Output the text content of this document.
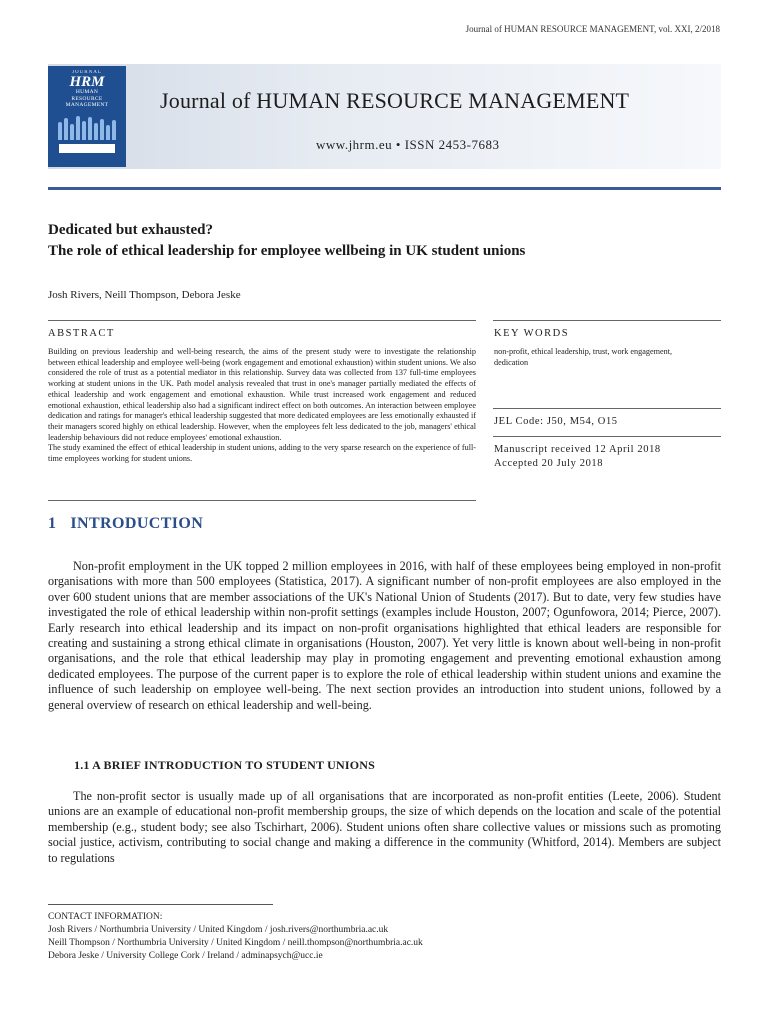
Journal of HUMAN RESOURCE MANAGEMENT, vol. XXI, 2/2018
JOURNAL
HRM
HUMAN
RESOURCE
MANAGEMENT	Journal of HUMAN RESOURCE MANAGEMENT
www.jhrm.eu • ISSN 2453-7683
Dedicated but exhausted?
The role of ethical leadership for employee wellbeing in UK student unions
Josh Rivers, Neill Thompson, Debora Jeske
ABSTRACT
Building on previous leadership and well-being research, the aims of the present study were to investigate the relationship between ethical leadership and employee well-being (work engagement and emotional exhaustion) within student unions. We also considered the role of trust as a potential mediator in this relationship. Survey data was collected from 137 full-time employees working at student unions in the UK. Path model analysis revealed that trust in one's manager partially mediated the effects of ethical leadership and work engagement and emotional exhaustion. While trust increased work engagement and reduced emotional exhaustion, ethical leadership also had a significant indirect effect on both outcomes. An interaction between employee dedication and ratings for manager's ethical leadership suggested that more dedicated employees are less emotionally exhausted if their managers scored highly on ethical leadership. However, when the employees felt less dedicated to the job, managers' ethical leadership behaviours did not reduce employees' emotional exhaustion.
The study examined the effect of ethical leadership in student unions, adding to the very sparse research on the experience of full-time employees working for student unions.
KEY WORDS
non-profit, ethical leadership, trust, work engagement, dedication
JEL Code: J50, M54, O15
Manuscript received 12 April 2018
Accepted 20 July 2018
1 INTRODUCTION

Non-profit employment in the UK topped 2 million employees in 2016, with half of these employees being employed in non-profit organisations with more than 500 employees (Statistica, 2017). A significant number of non-profit employees are also employed in the over 600 student unions that are member associations of the UK's National Union of Students (2017). But to date, very few studies have investigated the role of ethical leadership within non-profit settings (examples include Houston, 2007; Ogunfowora, 2014; Pierce, 2007). Early research into ethical leadership and its impact on non-profit organisations highlighted that ethical leaders are responsible for creating and sustaining a strong ethical climate in organisations (Houston, 2007). Yet very little is known about well-being in non-profit organisations, and the role that ethical leadership may play in promoting engagement and preventing emotional exhaustion among dedicated employees. The purpose of the current paper is to explore the role of ethical leadership within student unions and examine the influence of such leadership on employee well-being. The next section provides an introduction into student unions, followed by a general overview of research on ethical leadership and well-being.

1.1 A BRIEF INTRODUCTION TO STUDENT UNIONS

The non-profit sector is usually made up of all organisations that are incorporated as non-profit entities (Leete, 2006). Student unions are an example of educational non-profit membership groups, the size of which depends on the location and scale of the potential membership (e.g., student body; see also Tschirhart, 2006). Student unions often share collective values or missions such as promoting social justice, activism, contributing to social change and making a difference in the community (Whitford, 2014). Members are subject to regulations

CONTACT INFORMATION:
Josh Rivers / Northumbria University / United Kingdom / josh.rivers@northumbria.ac.uk
Neill Thompson / Northumbria University / United Kingdom / neill.thompson@northumbria.ac.uk
Debora Jeske / University College Cork / Ireland / adminapsych@ucc.ie
